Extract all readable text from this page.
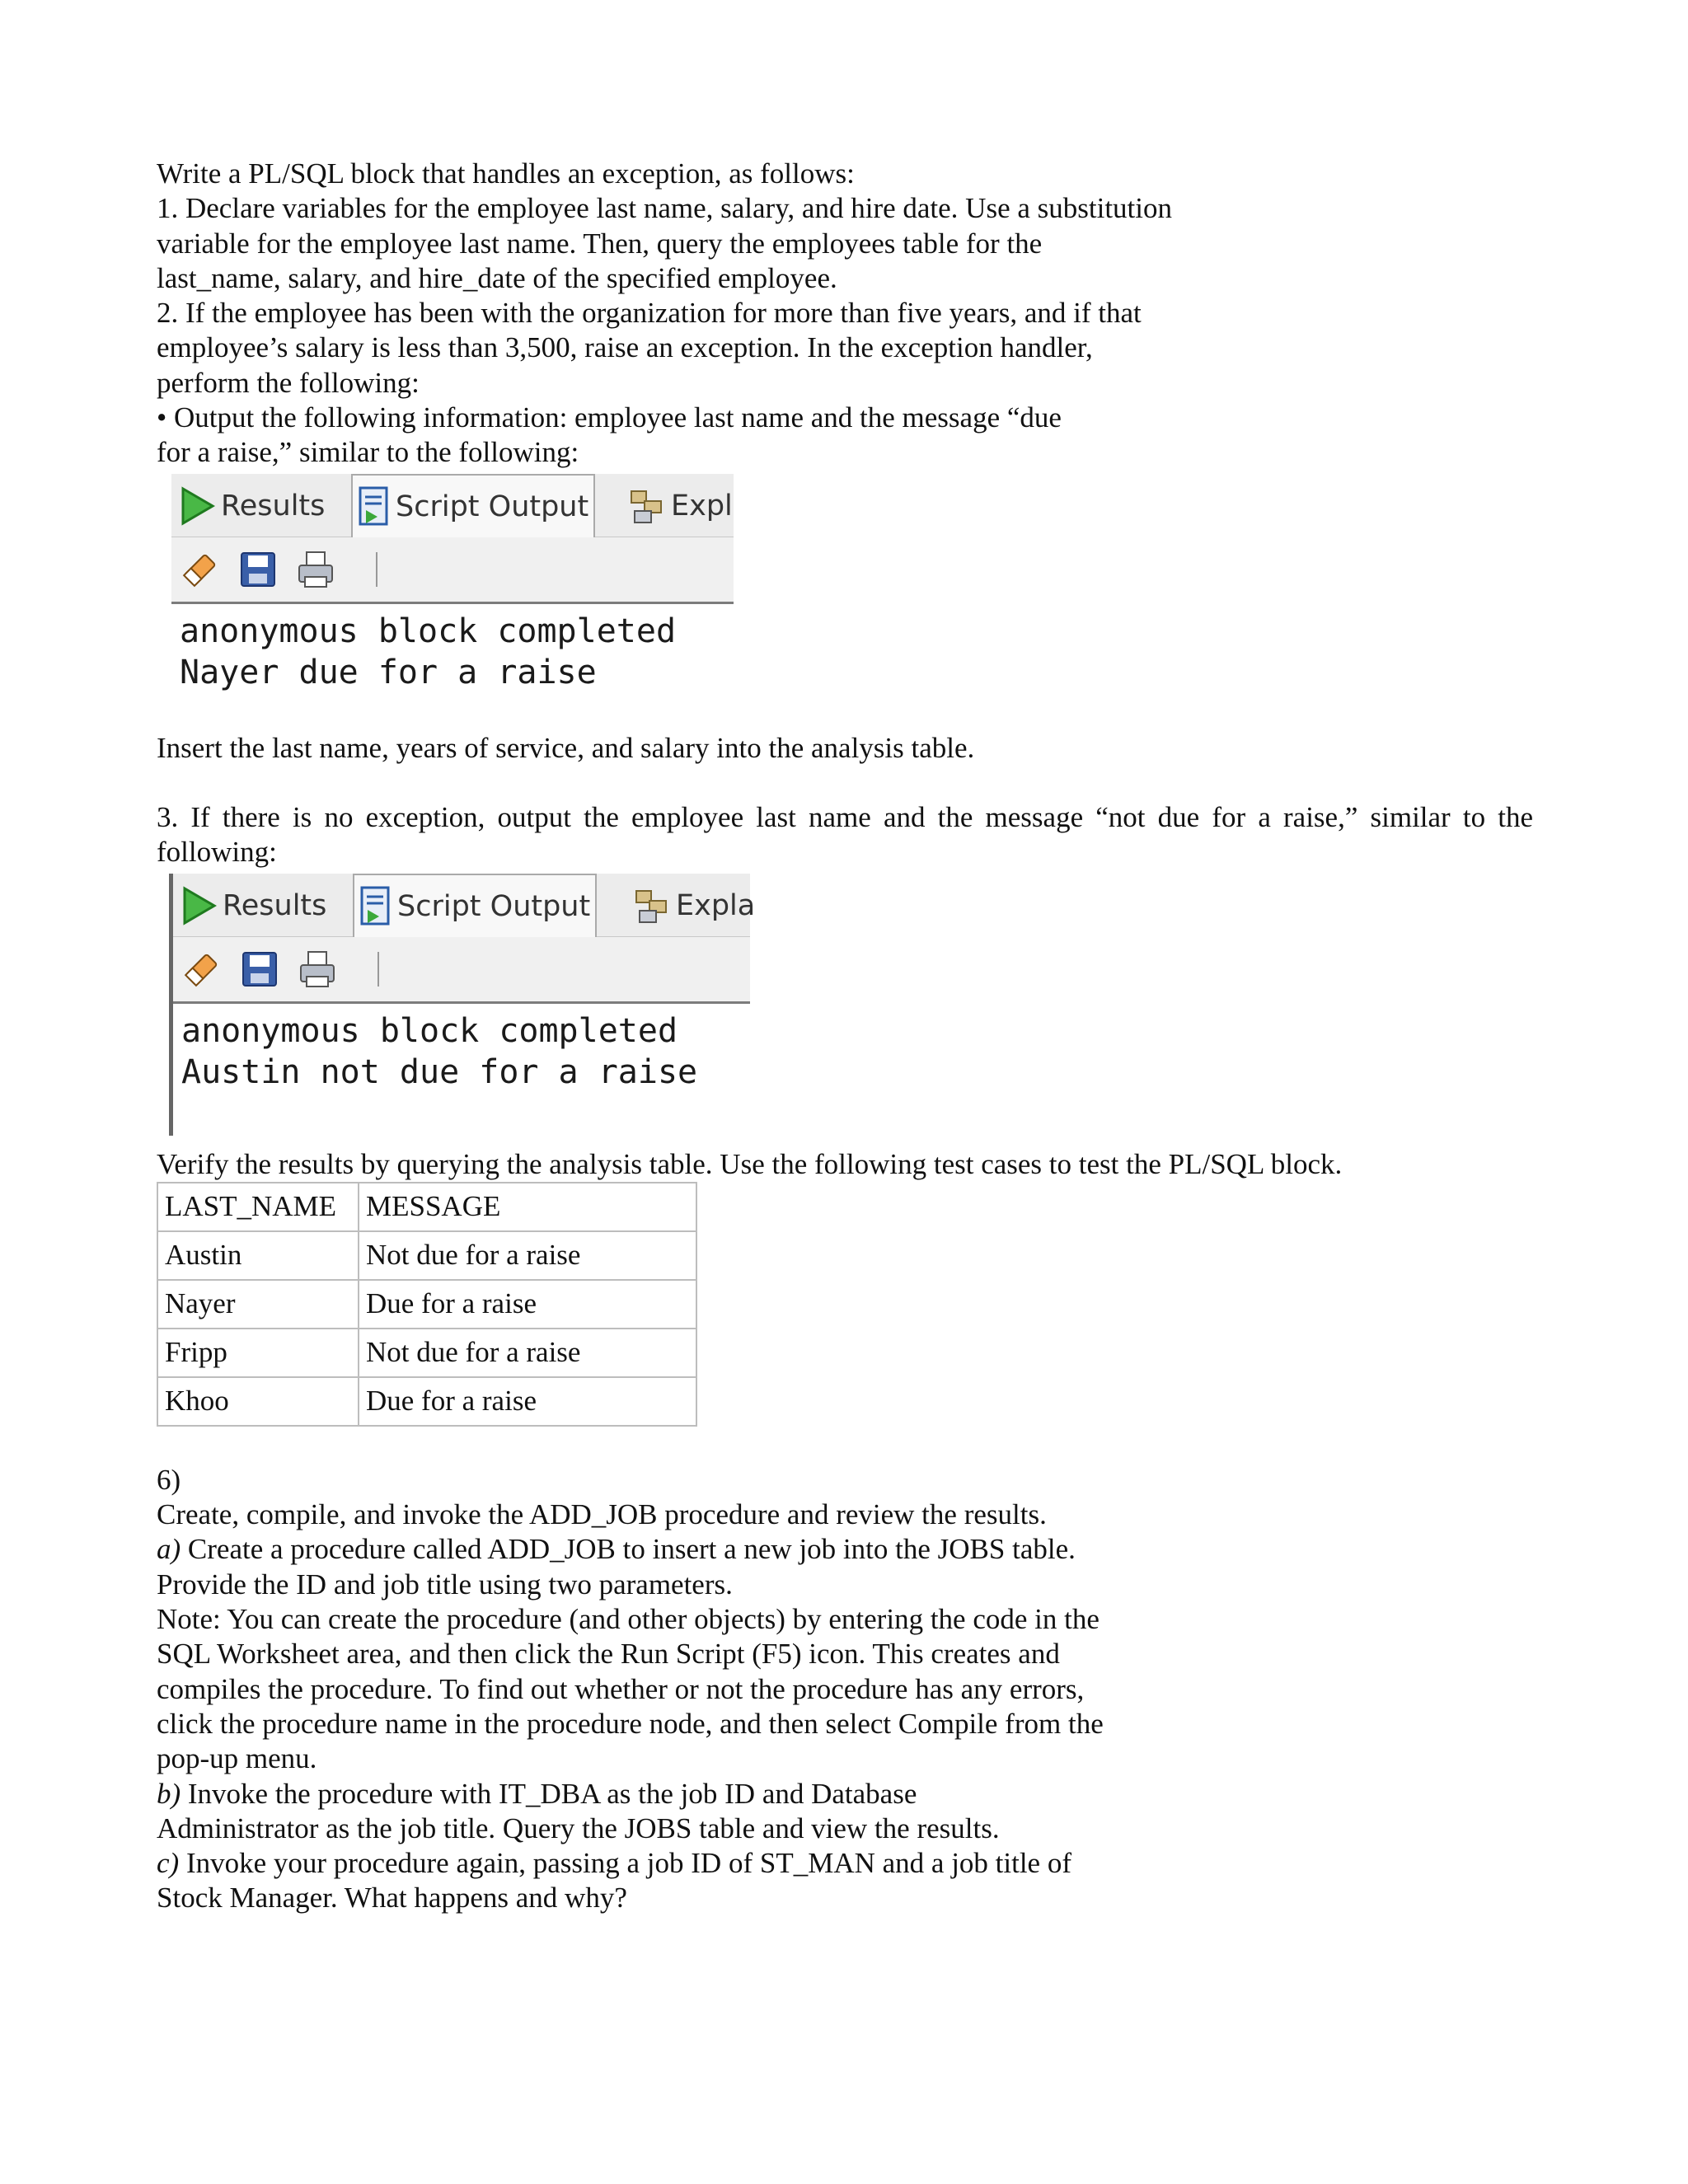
Write a PL/SQL block that handles an exception, as follows:
1. Declare variables for the employee last name, salary, and hire date. Use a substitution
variable for the employee last name. Then, query the employees table for the
last_name, salary, and hire_date of the specified employee.
2. If the employee has been with the organization for more than five years, and if that
employee’s salary is less than 3,500, raise an exception. In the exception handler,
perform the following:
• Output the following information: employee last name and the message “due
for a raise,” similar to the following:
Results Script Output	Expl
anonymous block completed
Nayer due for a raise
Insert the last name, years of service, and salary into the analysis table.
3. If there is no exception, output the employee last name and the message “not due for a raise,” similar to the following:
Results Script Output	Expla
anonymous block completed
Austin not due for a raise
Verify the results by querying the analysis table. Use the following test cases to test the PL/SQL block.
LAST_NAME	MESSAGE
Austin	Not due for a raise
Nayer	Due for a raise
Fripp	Not due for a raise
Khoo	Due for a raise
6)
Create, compile, and invoke the ADD_JOB procedure and review the results.
a) Create a procedure called ADD_JOB to insert a new job into the JOBS table.
Provide the ID and job title using two parameters.
Note: You can create the procedure (and other objects) by entering the code in the
SQL Worksheet area, and then click the Run Script (F5) icon. This creates and
compiles the procedure. To find out whether or not the procedure has any errors,
click the procedure name in the procedure node, and then select Compile from the
pop-up menu.
b) Invoke the procedure with IT_DBA as the job ID and Database
Administrator as the job title. Query the JOBS table and view the results.
c) Invoke your procedure again, passing a job ID of ST_MAN and a job title of
Stock Manager. What happens and why?
